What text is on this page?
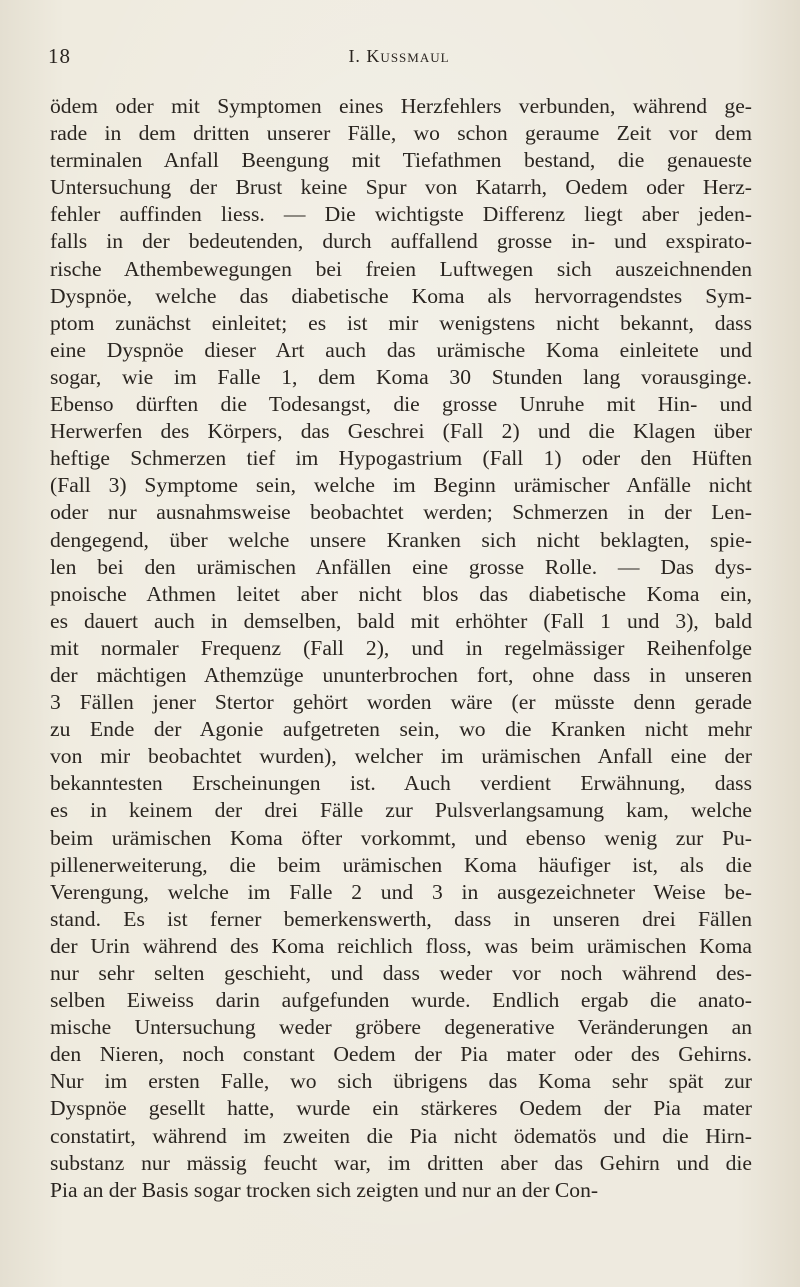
18	I. Kussmaul
ödem oder mit Symptomen eines Herzfehlers verbunden, während ge-
rade in dem dritten unserer Fälle, wo schon geraume Zeit vor dem
terminalen Anfall Beengung mit Tiefathmen bestand, die genaueste
Untersuchung der Brust keine Spur von Katarrh, Oedem oder Herz-
fehler auffinden liess. — Die wichtigste Differenz liegt aber jeden-
falls in der bedeutenden, durch auffallend grosse in- und exspirato-
rische Athembewegungen bei freien Luftwegen sich auszeichnenden
Dyspnöe, welche das diabetische Koma als hervorragendstes Sym-
ptom zunächst einleitet; es ist mir wenigstens nicht bekannt, dass
eine Dyspnöe dieser Art auch das urämische Koma einleitete und
sogar, wie im Falle 1, dem Koma 30 Stunden lang vorausginge.
Ebenso dürften die Todesangst, die grosse Unruhe mit Hin- und
Herwerfen des Körpers, das Geschrei (Fall 2) und die Klagen über
heftige Schmerzen tief im Hypogastrium (Fall 1) oder den Hüften
(Fall 3) Symptome sein, welche im Beginn urämischer Anfälle nicht
oder nur ausnahmsweise beobachtet werden; Schmerzen in der Len-
dengegend, über welche unsere Kranken sich nicht beklagten, spie-
len bei den urämischen Anfällen eine grosse Rolle. — Das dys-
pnoische Athmen leitet aber nicht blos das diabetische Koma ein,
es dauert auch in demselben, bald mit erhöhter (Fall 1 und 3), bald
mit normaler Frequenz (Fall 2), und in regelmässiger Reihenfolge
der mächtigen Athemzüge ununterbrochen fort, ohne dass in unseren
3 Fällen jener Stertor gehört worden wäre (er müsste denn gerade
zu Ende der Agonie aufgetreten sein, wo die Kranken nicht mehr
von mir beobachtet wurden), welcher im urämischen Anfall eine der
bekanntesten Erscheinungen ist. Auch verdient Erwähnung, dass
es in keinem der drei Fälle zur Pulsverlangsamung kam, welche
beim urämischen Koma öfter vorkommt, und ebenso wenig zur Pu-
pillenerweiterung, die beim urämischen Koma häufiger ist, als die
Verengung, welche im Falle 2 und 3 in ausgezeichneter Weise be-
stand. Es ist ferner bemerkenswerth, dass in unseren drei Fällen
der Urin während des Koma reichlich floss, was beim urämischen Koma
nur sehr selten geschieht, und dass weder vor noch während des-
selben Eiweiss darin aufgefunden wurde. Endlich ergab die anato-
mische Untersuchung weder gröbere degenerative Veränderungen an
den Nieren, noch constant Oedem der Pia mater oder des Gehirns.
Nur im ersten Falle, wo sich übrigens das Koma sehr spät zur
Dyspnöe gesellt hatte, wurde ein stärkeres Oedem der Pia mater
constatirt, während im zweiten die Pia nicht ödematös und die Hirn-
substanz nur mässig feucht war, im dritten aber das Gehirn und die
Pia an der Basis sogar trocken sich zeigten und nur an der Con-
